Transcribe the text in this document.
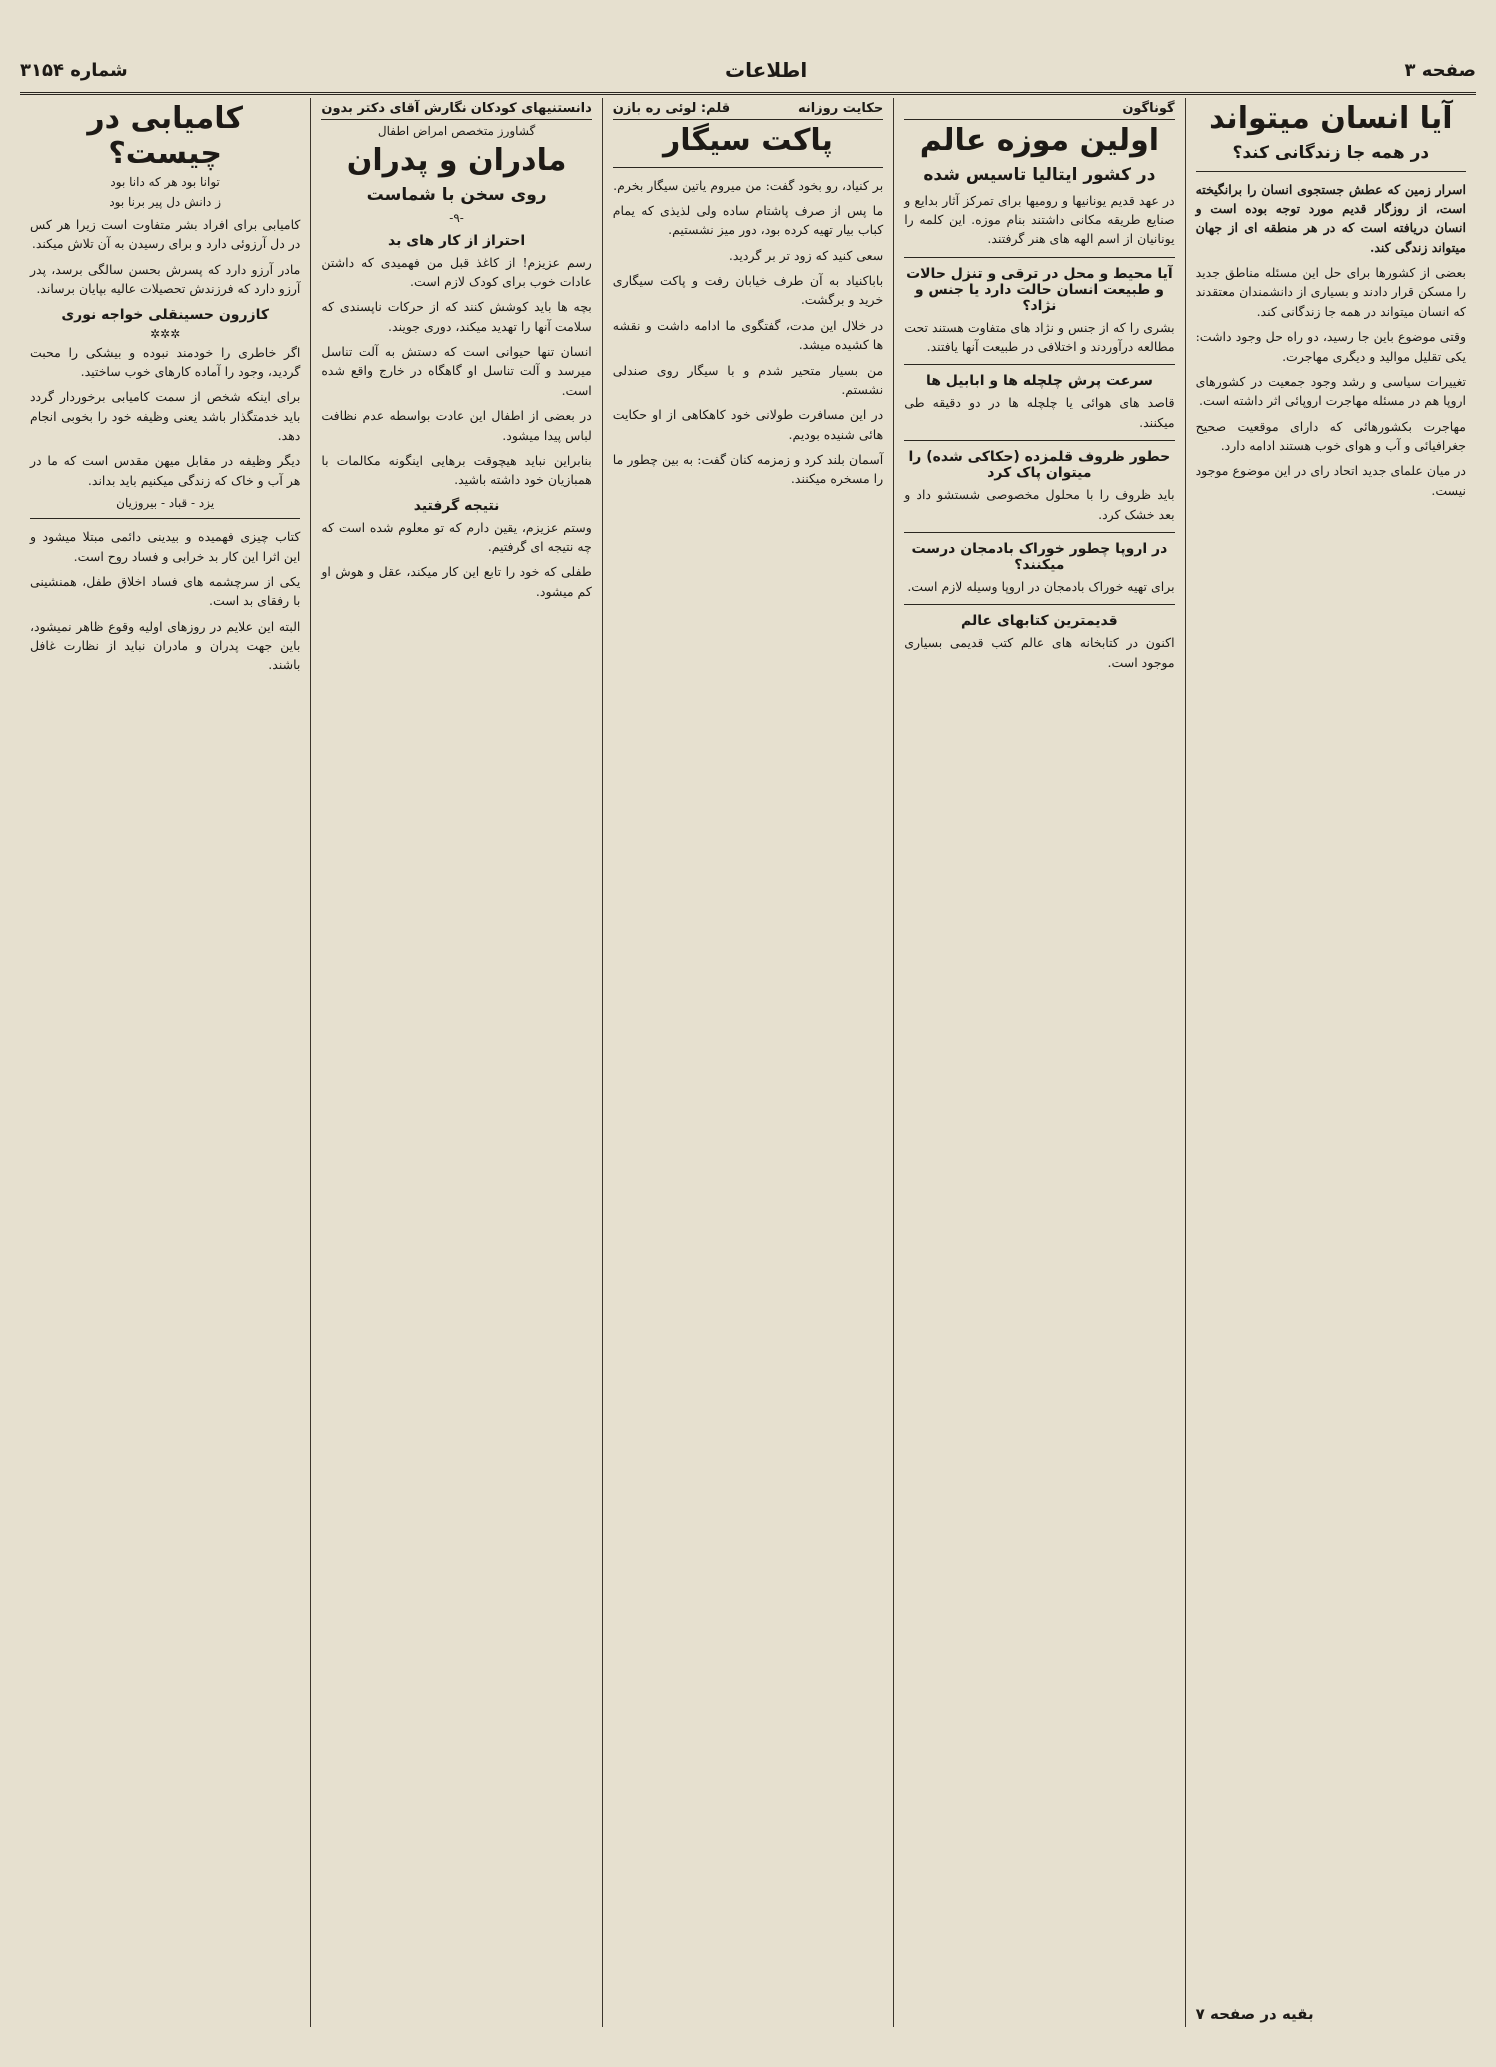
صفحه ۳
اطلاعات
شماره ۳۱۵۴
آیا انسان میتواند
در همه جا زندگانی کند؟

اسرار زمین که عطش جستجوی انسان را برانگیخته است، از روزگار قدیم مورد توجه بوده است و انسان دریافته است که در هر منطقه ای از جهان میتواند زندگی کند.

بعضی از کشورها برای حل این مسئله مناطق جدید را مسکن قرار دادند و بسیاری از دانشمندان معتقدند که انسان میتواند در همه جا زندگانی کند.

وقتی موضوع باین جا رسید، دو راه حل وجود داشت: یکی تقلیل موالید و دیگری مهاجرت.

تغییرات سیاسی و رشد وجود جمعیت در کشورهای اروپا هم در مسئله مهاجرت اروپائی اثر داشته است.

مهاجرت بکشورهائی که دارای موقعیت صحیح جغرافیائی و آب و هوای خوب هستند ادامه دارد.

در میان علمای جدید اتحاد رای در این موضوع موجود نیست.

بقیه در صفحه ۷
گوناگون
اولین موزه عالم
در کشور ایتالیا تاسیس شده

در عهد قدیم یونانیها و رومیها برای تمرکز آثار بدایع و صنایع طریقه مکانی داشتند بنام موزه. این کلمه را یونانیان از اسم الهه های هنر گرفتند.

آیا محیط و محل در ترقی و تنزل حالات و طبیعت انسان حالت دارد یا جنس و نژاد؟

بشری را که از جنس و نژاد های متفاوت هستند تحت مطالعه درآوردند و اختلافی در طبیعت آنها یافتند.

سرعت پرش چلچله ها و ابابیل ها

قاصد های هوائی یا چلچله ها در دو دقیقه طی میکنند.

حطور ظروف قلمزده (حکاکی شده) را میتوان پاک کرد

باید ظروف را با محلول مخصوصی شستشو داد و بعد خشک کرد.

در اروپا چطور خوراک بادمجان درست میکنند؟

برای تهیه خوراک بادمجان در اروپا وسیله لازم است.

قدیمترین کتابهای عالم

اکنون در کتابخانه های عالم کتب قدیمی بسیاری موجود است.

حکایت روزانه
قلم: لوئی ره بازن
پاکت سیگار

بر کنیاد، رو بخود گفت: من میروم یاتین سیگار بخرم.

ما پس از صرف پاشتام ساده ولی لذیذی که یمام کباب بیار تهیه کرده بود، دور میز نشستیم.

سعی کنید که زود تر بر گردید.

باباکنیاد به آن طرف خیابان رفت و پاکت سیگاری خرید و برگشت.

در خلال این مدت، گفتگوی ما ادامه داشت و نقشه ها کشیده میشد.

من بسیار متحیر شدم و با سیگار روی صندلی نشستم.

در این مسافرت طولانی خود کاهکاهی از او حکایت هائی شنیده بودیم.

آسمان بلند کرد و زمزمه کنان گفت: به بین چطور ما را مسخره میکنند.

دانستنیهای کودکان
نگارش آقای دکتر بدون
گشاورز متخصص امراض اطفال
مادران و پدران
روی سخن با شماست
-۹-
احتراز از کار های بد

رسم عزیزم! از کاغذ قبل من فهمیدی که داشتن عادات خوب برای کودک لازم است.

بچه ها باید کوشش کنند که از حرکات ناپسندی که سلامت آنها را تهدید میکند، دوری جویند.

انسان تنها حیوانی است که دستش به آلت تناسل میرسد و آلت تناسل او گاهگاه در خارج واقع شده است.

در بعضی از اطفال این عادت بواسطه عدم نظافت لباس پیدا میشود.

بنابراین نباید هیچوقت برهایی اینگونه مکالمات با همبازیان خود داشته باشید.

نتیجه گرفتید

وستم عزیزم، یقین دارم که تو معلوم شده است که چه نتیجه ای گرفتیم.

طفلی که خود را تابع این کار میکند، عقل و هوش او کم میشود.

کامیابی در چیست؟
توانا بود هر که دانا بود
ز دانش دل پیر برنا بود

کامیابی برای افراد بشر متفاوت است زیرا هر کس در دل آرزوئی دارد و برای رسیدن به آن تلاش میکند.

مادر آرزو دارد که پسرش بحسن سالگی برسد، پدر آرزو دارد که فرزندش تحصیلات عالیه بپایان برساند.

کازرون حسینقلی خواجه نوری
✲✲✲

اگر خاطری را خودمند نبوده و بیشکی را محبت گردید، وجود را آماده کارهای خوب ساختید.

برای اینکه شخص از سمت کامیابی برخوردار گردد باید خدمتگذار باشد یعنی وظیفه خود را بخوبی انجام دهد.

دیگر وظیفه در مقابل میهن مقدس است که ما در هر آب و خاک که زندگی میکنیم باید بداند.

یزد - قباد - بیروزیان

کتاب چیزی فهمیده و بیدینی دائمی مبتلا میشود و این اثرا این کار بد خرابی و فساد روح است.

یکی از سرچشمه های فساد اخلاق طفل، همنشینی با رفقای بد است.

البته این علایم در روزهای اولیه وقوع ظاهر نمیشود، باین جهت پدران و مادران نباید از نظارت غافل باشند.
